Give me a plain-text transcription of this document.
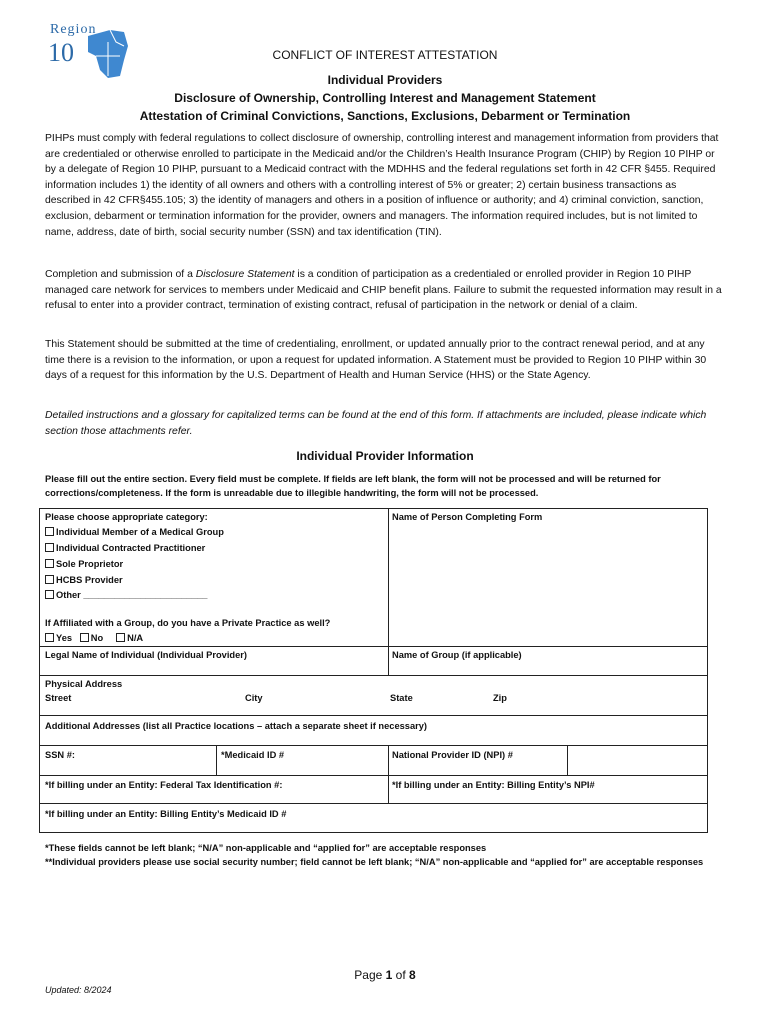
Region
10	CONFLICT OF INTEREST ATTESTATION
Individual Providers
Disclosure of Ownership, Controlling Interest and Management Statement
Attestation of Criminal Convictions, Sanctions, Exclusions, Debarment or Termination
PIHPs must comply with federal regulations to collect disclosure of ownership, controlling interest and management information from providers that are credentialed or otherwise enrolled to participate in the Medicaid and/or the Children’s Health Insurance Program (CHIP) by Region 10 PIHP or by a delegate of Region 10 PIHP, pursuant to a Medicaid contract with the MDHHS and the federal regulations set forth in 42 CFR §455. Required information includes 1) the identity of all owners and others with a controlling interest of 5% or greater; 2) certain business transactions as described in 42 CFR§455.105; 3) the identity of managers and others in a position of influence or authority; and 4) criminal conviction, sanction, exclusion, debarment or termination information for the provider, owners and managers. The information required includes, but is not limited to name, address, date of birth, social security number (SSN) and tax identification (TIN).
Completion and submission of a Disclosure Statement is a condition of participation as a credentialed or enrolled provider in Region 10 PIHP managed care network for services to members under Medicaid and CHIP benefit plans. Failure to submit the requested information may result in a refusal to enter into a provider contract, termination of existing contract, refusal of participation in the network or denial of a claim.
This Statement should be submitted at the time of credentialing, enrollment, or updated annually prior to the contract renewal period, and at any time there is a revision to the information, or upon a request for updated information. A Statement must be provided to Region 10 PIHP within 30 days of a request for this information by the U.S. Department of Health and Human Service (HHS) or the State Agency.
Detailed instructions and a glossary for capitalized terms can be found at the end of this form. If attachments are included, please indicate which section those attachments refer.
Individual Provider Information
Please fill out the entire section. Every field must be complete. If fields are left blank, the form will not be processed and will be returned for corrections/completeness. If the form is unreadable due to illegible handwriting, the form will not be processed.
Please choose appropriate category:
Individual Member of a Medical Group
Individual Contracted Practitioner
Sole Proprietor
HCBS Provider
Other ________________________
If Affiliated with a Group, do you have a Private Practice as well?
Yes No	N/A
Name of Person Completing Form
Legal Name of Individual (Individual Provider)	Name of Group (if applicable)
Physical Address
Street	City	State	Zip
Additional Addresses (list all Practice locations – attach a separate sheet if necessary)
SSN #:	*Medicaid ID #	National Provider ID (NPI) #
*If billing under an Entity: Federal Tax Identification #:	*If billing under an Entity: Billing Entity’s NPI#
*If billing under an Entity: Billing Entity’s Medicaid ID #
*These fields cannot be left blank; “N/A” non-applicable and “applied for” are acceptable responses
**Individual providers please use social security number; field cannot be left blank; “N/A” non-applicable and “applied for” are acceptable responses
Page 1 of 8
Updated: 8/2024
